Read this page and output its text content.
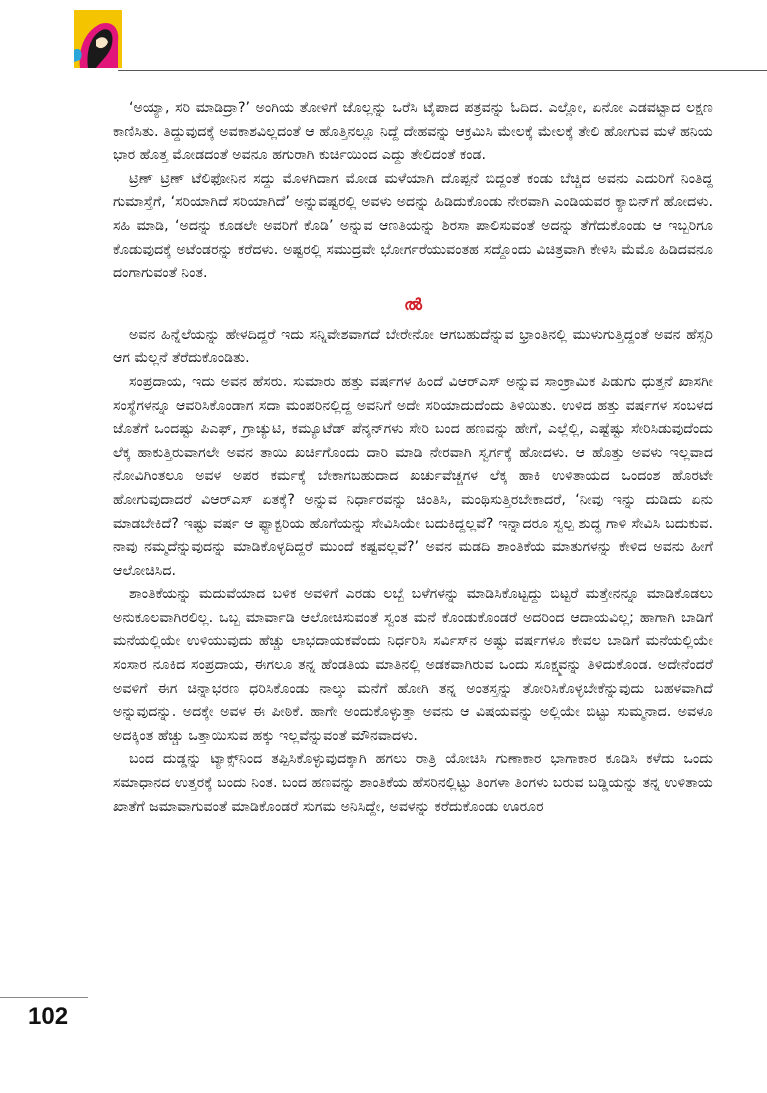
‘ಅಯ್ಯಾ, ಸರಿ ಮಾಡಿದ್ರಾ?’ ಅಂಗಿಯ ತೋಳಿಗೆ ಜೊಲ್ಲನ್ನು ಒರೆಸಿ ಟೈಪಾದ ಪತ್ರವನ್ನು ಓದಿದ. ಎಲ್ಲೋ, ಏನೋ ಎಡವಟ್ಟಾದ ಲಕ್ಷಣ ಕಾಣಿಸಿತು. ತಿದ್ದುವುದಕ್ಕೆ ಅವಕಾಶವಿಲ್ಲದಂತೆ ಆ ಹೊತ್ತಿನಲ್ಲೂ ನಿದ್ದೆ ದೇಹವನ್ನು ಆಕ್ರಮಿಸಿ ಮೇಲಕ್ಕೆ ಮೇಲಕ್ಕೆ ತೇಲಿ ಹೋಗುವ ಮಳೆ ಹನಿಯ ಭಾರ ಹೊತ್ತ ಮೋಡದಂತೆ ಅವನೂ ಹಗುರಾಗಿ ಕುರ್ಚಿಯಿಂದ ಎದ್ದು ತೇಲಿದಂತೆ ಕಂಡ.

ಟ್ರಿಣ್ ಟ್ರಿಣ್ ಟೆಲಿಫೋನಿನ ಸದ್ದು ಮೊಳಗಿದಾಗ ಮೋಡ ಮಳೆಯಾಗಿ ದೊಪ್ಪನೆ ಬಿದ್ದಂತೆ ಕಂಡು ಬೆಚ್ಚಿದ ಅವನು ಎದುರಿಗೆ ನಿಂತಿದ್ದ ಗುಮಾಸ್ತೆಗೆ, ‘ಸರಿಯಾಗಿದೆ ಸರಿಯಾಗಿದೆ’ ಅನ್ನುವಷ್ಟರಲ್ಲಿ ಅವಳು ಅದನ್ನು ಹಿಡಿದುಕೊಂಡು ನೇರವಾಗಿ ಎಂಡಿಯವರ ಕ್ಯಾಬಿನ್‌ಗೆ ಹೋದಳು. ಸಹಿ ಮಾಡಿ, ‘ಅದನ್ನು ಕೂಡಲೇ ಅವರಿಗೆ ಕೊಡಿ’ ಅನ್ನುವ ಆಣತಿಯನ್ನು ಶಿರಸಾ ಪಾಲಿಸುವಂತೆ ಅದನ್ನು ತೆಗೆದುಕೊಂಡು ಆ ಇಬ್ಬರಿಗೂ ಕೊಡುವುದಕ್ಕೆ ಅಟೆಂಡರನ್ನು ಕರೆದಳು. ಅಷ್ಟರಲ್ಲಿ ಸಮುದ್ರವೇ ಭೋರ್ಗರೆಯುವಂತಹ ಸದ್ದೊಂದು ವಿಚಿತ್ರವಾಗಿ ಕೇಳಿಸಿ ಮೆಮೊ ಹಿಡಿದವನೂ ದಂಗಾಗುವಂತೆ ನಿಂತ.

ൽ

ಅವನ ಹಿನ್ನೆಲೆಯನ್ನು ಹೇಳದಿದ್ದರೆ ಇದು ಸನ್ನಿವೇಶವಾಗದೆ ಬೇರೇನೋ ಆಗಬಹುದೆನ್ನುವ ಭ್ರಾಂತಿನಲ್ಲಿ ಮುಳುಗುತ್ತಿದ್ದಂತೆ ಅವನ ಹೆಸ್ಸರಿ ಆಗ ಮೆಲ್ಲನೆ ತೆರೆದುಕೊಂಡಿತು.

ಸಂಪ್ರದಾಯ, ಇದು ಅವನ ಹೆಸರು. ಸುಮಾರು ಹತ್ತು ವರ್ಷಗಳ ಹಿಂದೆ ವಿಆರ್‌ಎಸ್ ಅನ್ನುವ ಸಾಂಕ್ರಾಮಿಕ ಪಿಡುಗು ಧುತ್ತನೆ ಖಾಸಗೀ ಸಂಸ್ಥೆಗಳನ್ನೂ ಆವರಿಸಿಕೊಂಡಾಗ ಸದಾ ಮಂಪರಿನಲ್ಲಿದ್ದ ಅವನಿಗೆ ಅದೇ ಸರಿಯಾದುದೆಂದು ತಿಳಿಯಿತು. ಉಳಿದ ಹತ್ತು ವರ್ಷಗಳ ಸಂಬಳದ ಜೊತೆಗೆ ಒಂದಷ್ಟು ಪಿಎಫ್, ಗ್ರಾಚ್ಯುಟಿ, ಕಮ್ಯೂಟೆಡ್ ಪೆನ್ಶನ್‌ಗಳು ಸೇರಿ ಬಂದ ಹಣವನ್ನು ಹೇಗೆ, ಎಲ್ಲೆಲ್ಲಿ, ಎಷ್ಟೆಷ್ಟು ಸೇರಿಸಿಡುವುದೆಂದು ಲೆಕ್ಕ ಹಾಕುತ್ತಿರುವಾಗಲೇ ಅವನ ತಾಯಿ ಖರ್ಚಿಗೊಂದು ದಾರಿ ಮಾಡಿ ನೇರವಾಗಿ ಸ್ವರ್ಗಕ್ಕೆ ಹೋದಳು. ಆ ಹೊತ್ತು ಅವಳು ಇಲ್ಲವಾದ ನೋವಿಗಿಂತಲೂ ಅವಳ ಅಪರ ಕರ್ಮಕ್ಕೆ ಬೇಕಾಗಬಹುದಾದ ಖರ್ಚುವೆಚ್ಚಗಳ ಲೆಕ್ಕ ಹಾಕಿ ಉಳಿತಾಯದ ಒಂದಂಶ ಹೊರಟೇ ಹೋಗುವುದಾದರೆ ವಿಆರ್‌ಎಸ್ ಏತಕ್ಕೆ? ಅನ್ನುವ ನಿರ್ಧಾರವನ್ನು ಚಿಂತಿಸಿ, ಮಂಥಿಸುತ್ತಿರಬೇಕಾದರೆ, ‘ನೀವು ಇನ್ನು ದುಡಿದು ಏನು ಮಾಡಬೇಕಿದೆ? ಇಷ್ಟು ವರ್ಷ ಆ ಫ್ಯಾಕ್ಟರಿಯ ಹೊಗೆಯನ್ನು ಸೇವಿಸಿಯೇ ಬದುಕಿದ್ದಲ್ಲವೆ? ಇನ್ನಾದರೂ ಸ್ವಲ್ಪ ಶುದ್ಧ ಗಾಳಿ ಸೇವಿಸಿ ಬದುಕುವ. ನಾವು ನಮ್ಮದೆನ್ನುವುದನ್ನು ಮಾಡಿಕೊಳ್ಳದಿದ್ದರೆ ಮುಂದೆ ಕಷ್ಟವಲ್ಲವೆ?’ ಅವನ ಮಡದಿ ಶಾಂತಿಕೆಯ ಮಾತುಗಳನ್ನು ಕೇಳಿದ ಅವನು ಹೀಗೆ ಆಲೋಚಿಸಿದ.

ಶಾಂತಿಕೆಯನ್ನು ಮದುವೆಯಾದ ಬಳಿಕ ಅವಳಿಗೆ ಎರಡು ಲಬ್ಬೆ ಬಳೆಗಳನ್ನು ಮಾಡಿಸಿಕೊಟ್ಟದ್ದು ಬಿಟ್ಟರೆ ಮತ್ತೇನನ್ನೂ ಮಾಡಿಕೊಡಲು ಅನುಕೂಲವಾಗಿರಲಿಲ್ಲ. ಒಬ್ಬ ಮಾರ್ವಾಡಿ ಆಲೋಚಿಸುವಂತೆ ಸ್ವಂತ ಮನೆ ಕೊಂಡುಕೊಂಡರೆ ಅದರಿಂದ ಆದಾಯವಿಲ್ಲ; ಹಾಗಾಗಿ ಬಾಡಿಗೆ ಮನೆಯಲ್ಲಿಯೇ ಉಳಿಯುವುದು ಹೆಚ್ಚು ಲಾಭದಾಯಕವೆಂದು ನಿರ್ಧರಿಸಿ ಸರ್ವಿಸ್‌ನ ಅಷ್ಟು ವರ್ಷಗಳೂ ಕೇವಲ ಬಾಡಿಗೆ ಮನೆಯಲ್ಲಿಯೇ ಸಂಸಾರ ನೂಕಿದ ಸಂಪ್ರದಾಯ, ಈಗಲೂ ತನ್ನ ಹೆಂಡತಿಯ ಮಾತಿನಲ್ಲಿ ಅಡಕವಾಗಿರುವ ಒಂದು ಸೂಕ್ಷ್ಮವನ್ನು ತಿಳಿದುಕೊಂಡ. ಅದೇನೆಂದರೆ ಅವಳಿಗೆ ಈಗ ಚಿನ್ನಾಭರಣ ಧರಿಸಿಕೊಂಡು ನಾಲ್ಕು ಮನೆಗೆ ಹೋಗಿ ತನ್ನ ಅಂತಸ್ತನ್ನು ತೋರಿಸಿಕೊಳ್ಳಬೇಕೆನ್ನುವುದು ಬಹಳವಾಗಿದೆ ಅನ್ನುವುದನ್ನು. ಅದಕ್ಕೇ ಅವಳ ಈ ಪೀಠಿಕೆ. ಹಾಗೇ ಅಂದುಕೊಳ್ಳುತ್ತಾ ಅವನು ಆ ವಿಷಯವನ್ನು ಅಲ್ಲಿಯೇ ಬಿಟ್ಟು ಸುಮ್ಮನಾದ. ಅವಳೂ ಅದಕ್ಕಿಂತ ಹೆಚ್ಚು ಒತ್ತಾಯಿಸುವ ಹಕ್ಕು ಇಲ್ಲವೆನ್ನುವಂತೆ ಮೌನವಾದಳು.

ಬಂದ ದುಡ್ಡನ್ನು ಟ್ಯಾಕ್ಸ್‌ನಿಂದ ತಪ್ಪಿಸಿಕೊಳ್ಳುವುದಕ್ಕಾಗಿ ಹಗಲು ರಾತ್ರಿ ಯೋಚಿಸಿ ಗುಣಾಕಾರ ಭಾಗಾಕಾರ ಕೂಡಿಸಿ ಕಳೆದು ಒಂದು ಸಮಾಧಾನದ ಉತ್ತರಕ್ಕೆ ಬಂದು ನಿಂತ. ಬಂದ ಹಣವನ್ನು ಶಾಂತಿಕೆಯ ಹೆಸರಿನಲ್ಲಿಟ್ಟು ತಿಂಗಳಾ ತಿಂಗಳು ಬರುವ ಬಡ್ಡಿಯನ್ನು ತನ್ನ ಉಳಿತಾಯ ಖಾತೆಗೆ ಜಮಾವಾಗುವಂತೆ ಮಾಡಿಕೊಂಡರೆ ಸುಗಮ ಅನಿಸಿದ್ದೇ, ಅವಳನ್ನು ಕರೆದುಕೊಂಡು ಊರೂರ

102
